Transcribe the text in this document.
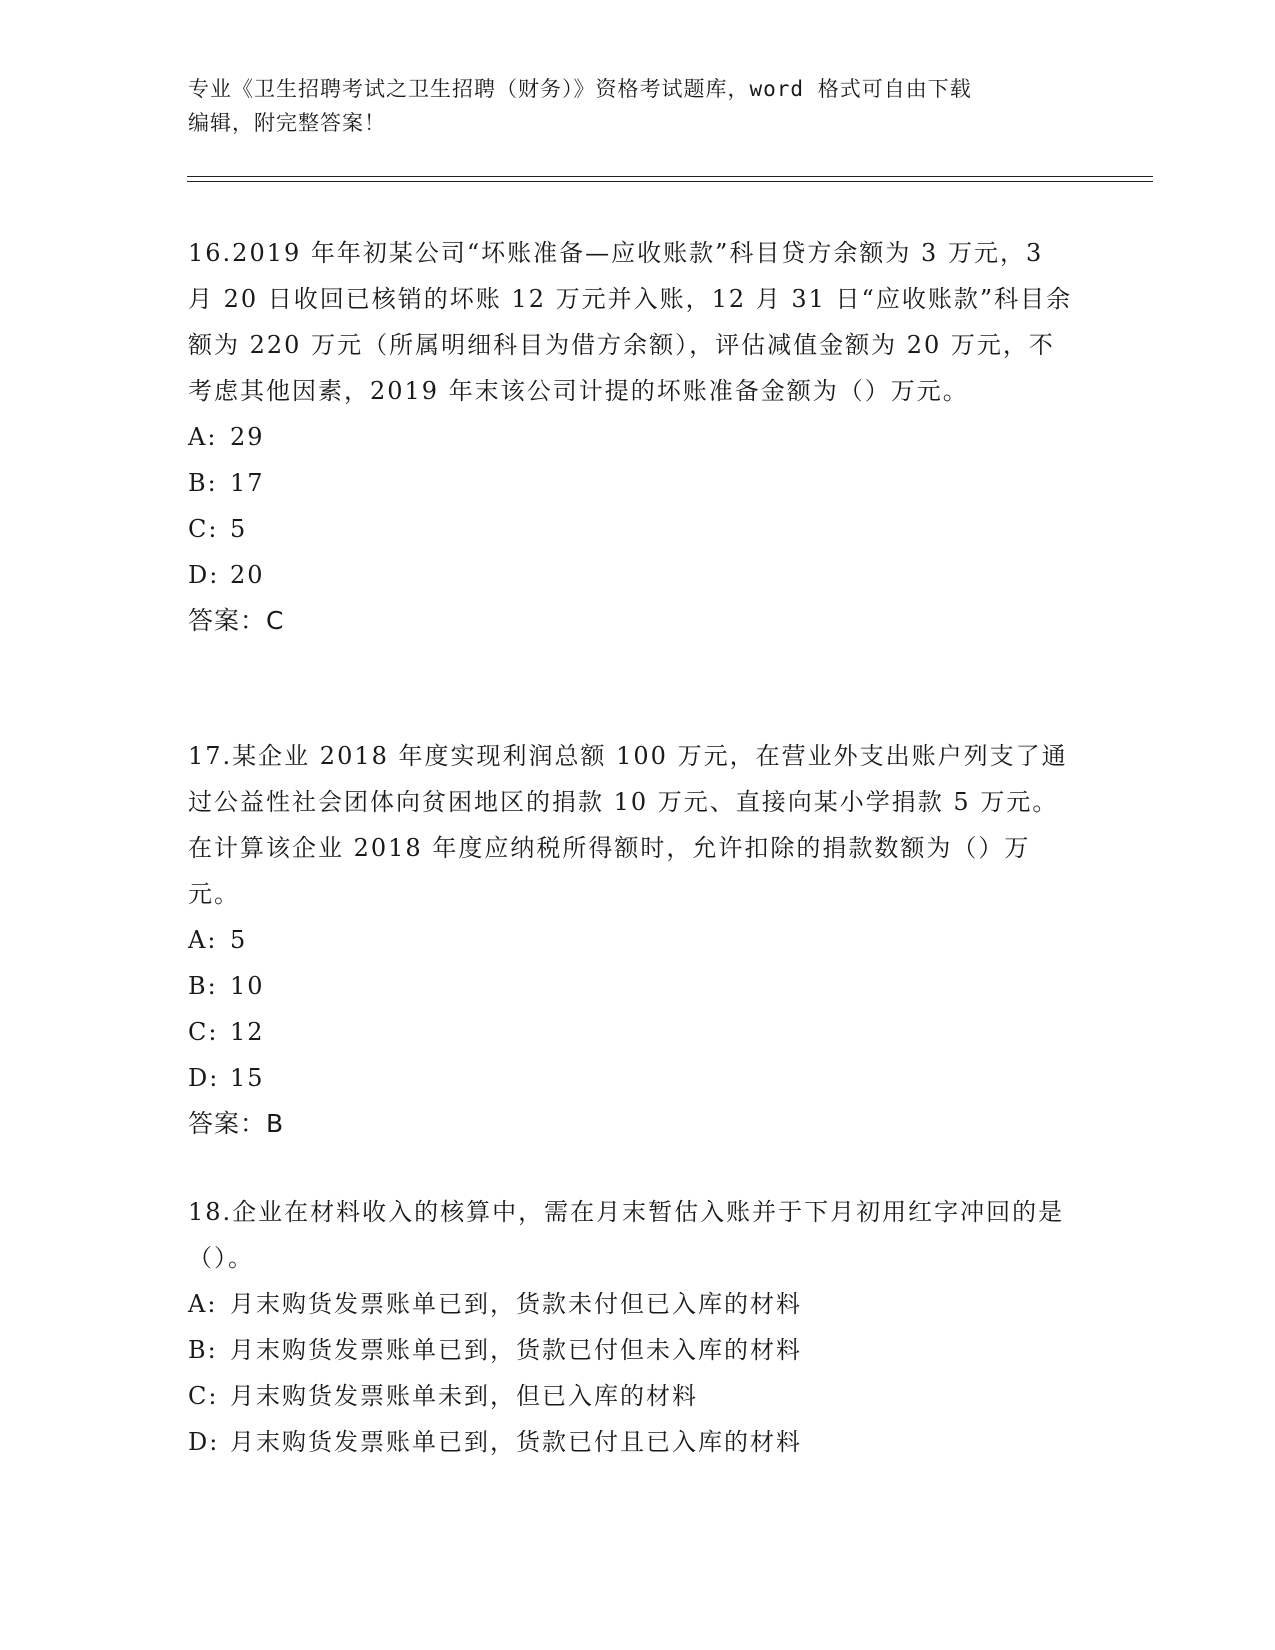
专业《卫生招聘考试之卫生招聘（财务）》资格考试题库，word 格式可自由下载
编辑，附完整答案！

16.2019 年年初某公司“坏账准备—应收账款”科目贷方余额为 3 万元，3 月 20 日收回已核销的坏账 12 万元并入账，12 月 31 日“应收账款”科目余额为 220 万元（所属明细科目为借方余额），评估减值金额为 20 万元，不考虑其他因素，2019 年末该公司计提的坏账准备金额为（）万元。

A: 29

B: 17

C: 5

D: 20

答案：C

17.某企业 2018 年度实现利润总额 100 万元，在营业外支出账户列支了通过公益性社会团体向贫困地区的捐款 10 万元、直接向某小学捐款 5 万元。在计算该企业 2018 年度应纳税所得额时，允许扣除的捐款数额为（）万元。

A: 5

B: 10

C: 12

D: 15

答案：B

18.企业在材料收入的核算中，需在月末暂估入账并于下月初用红字冲回的是（）。

A: 月末购货发票账单已到，货款未付但已入库的材料

B: 月末购货发票账单已到，货款已付但未入库的材料

C: 月末购货发票账单未到，但已入库的材料

D: 月末购货发票账单已到，货款已付且已入库的材料
